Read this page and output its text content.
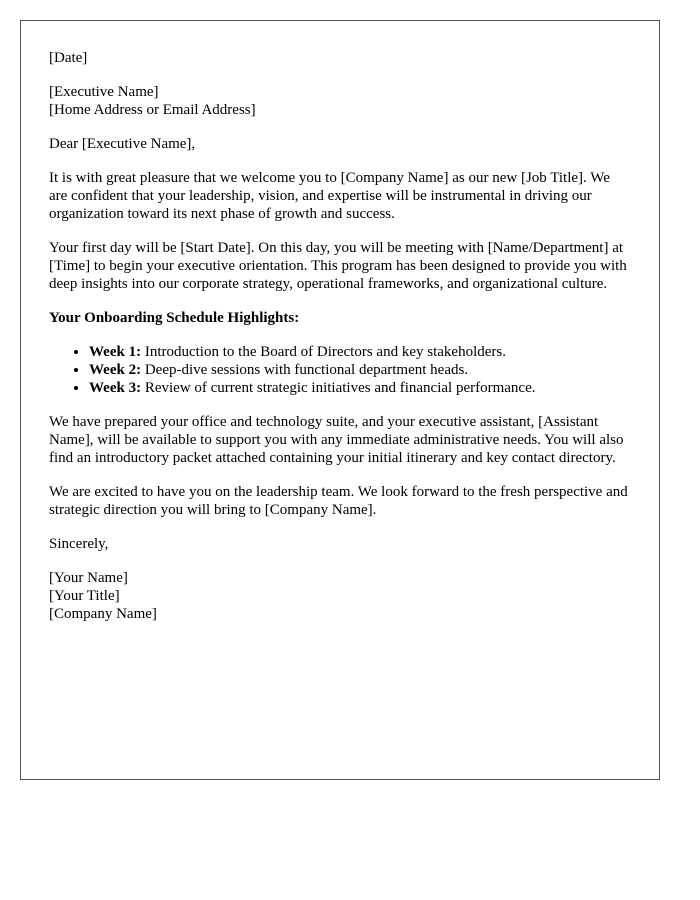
[Date]
[Executive Name]
[Home Address or Email Address]
Dear [Executive Name],

It is with great pleasure that we welcome you to [Company Name] as our new [Job Title]. We are confident that your leadership, vision, and expertise will be instrumental in driving our organization toward its next phase of growth and success.

Your first day will be [Start Date]. On this day, you will be meeting with [Name/Department] at [Time] to begin your executive orientation. This program has been designed to provide you with deep insights into our corporate strategy, operational frameworks, and organizational culture.

Your Onboarding Schedule Highlights:
• Week 1: Introduction to the Board of Directors and key stakeholders.
• Week 2: Deep-dive sessions with functional department heads.
• Week 3: Review of current strategic initiatives and financial performance.

We have prepared your office and technology suite, and your executive assistant, [Assistant Name], will be available to support you with any immediate administrative needs. You will also find an introductory packet attached containing your initial itinerary and key contact directory.

We are excited to have you on the leadership team. We look forward to the fresh perspective and strategic direction you will bring to [Company Name].

Sincerely,
[Your Name]
[Your Title]
[Company Name]
